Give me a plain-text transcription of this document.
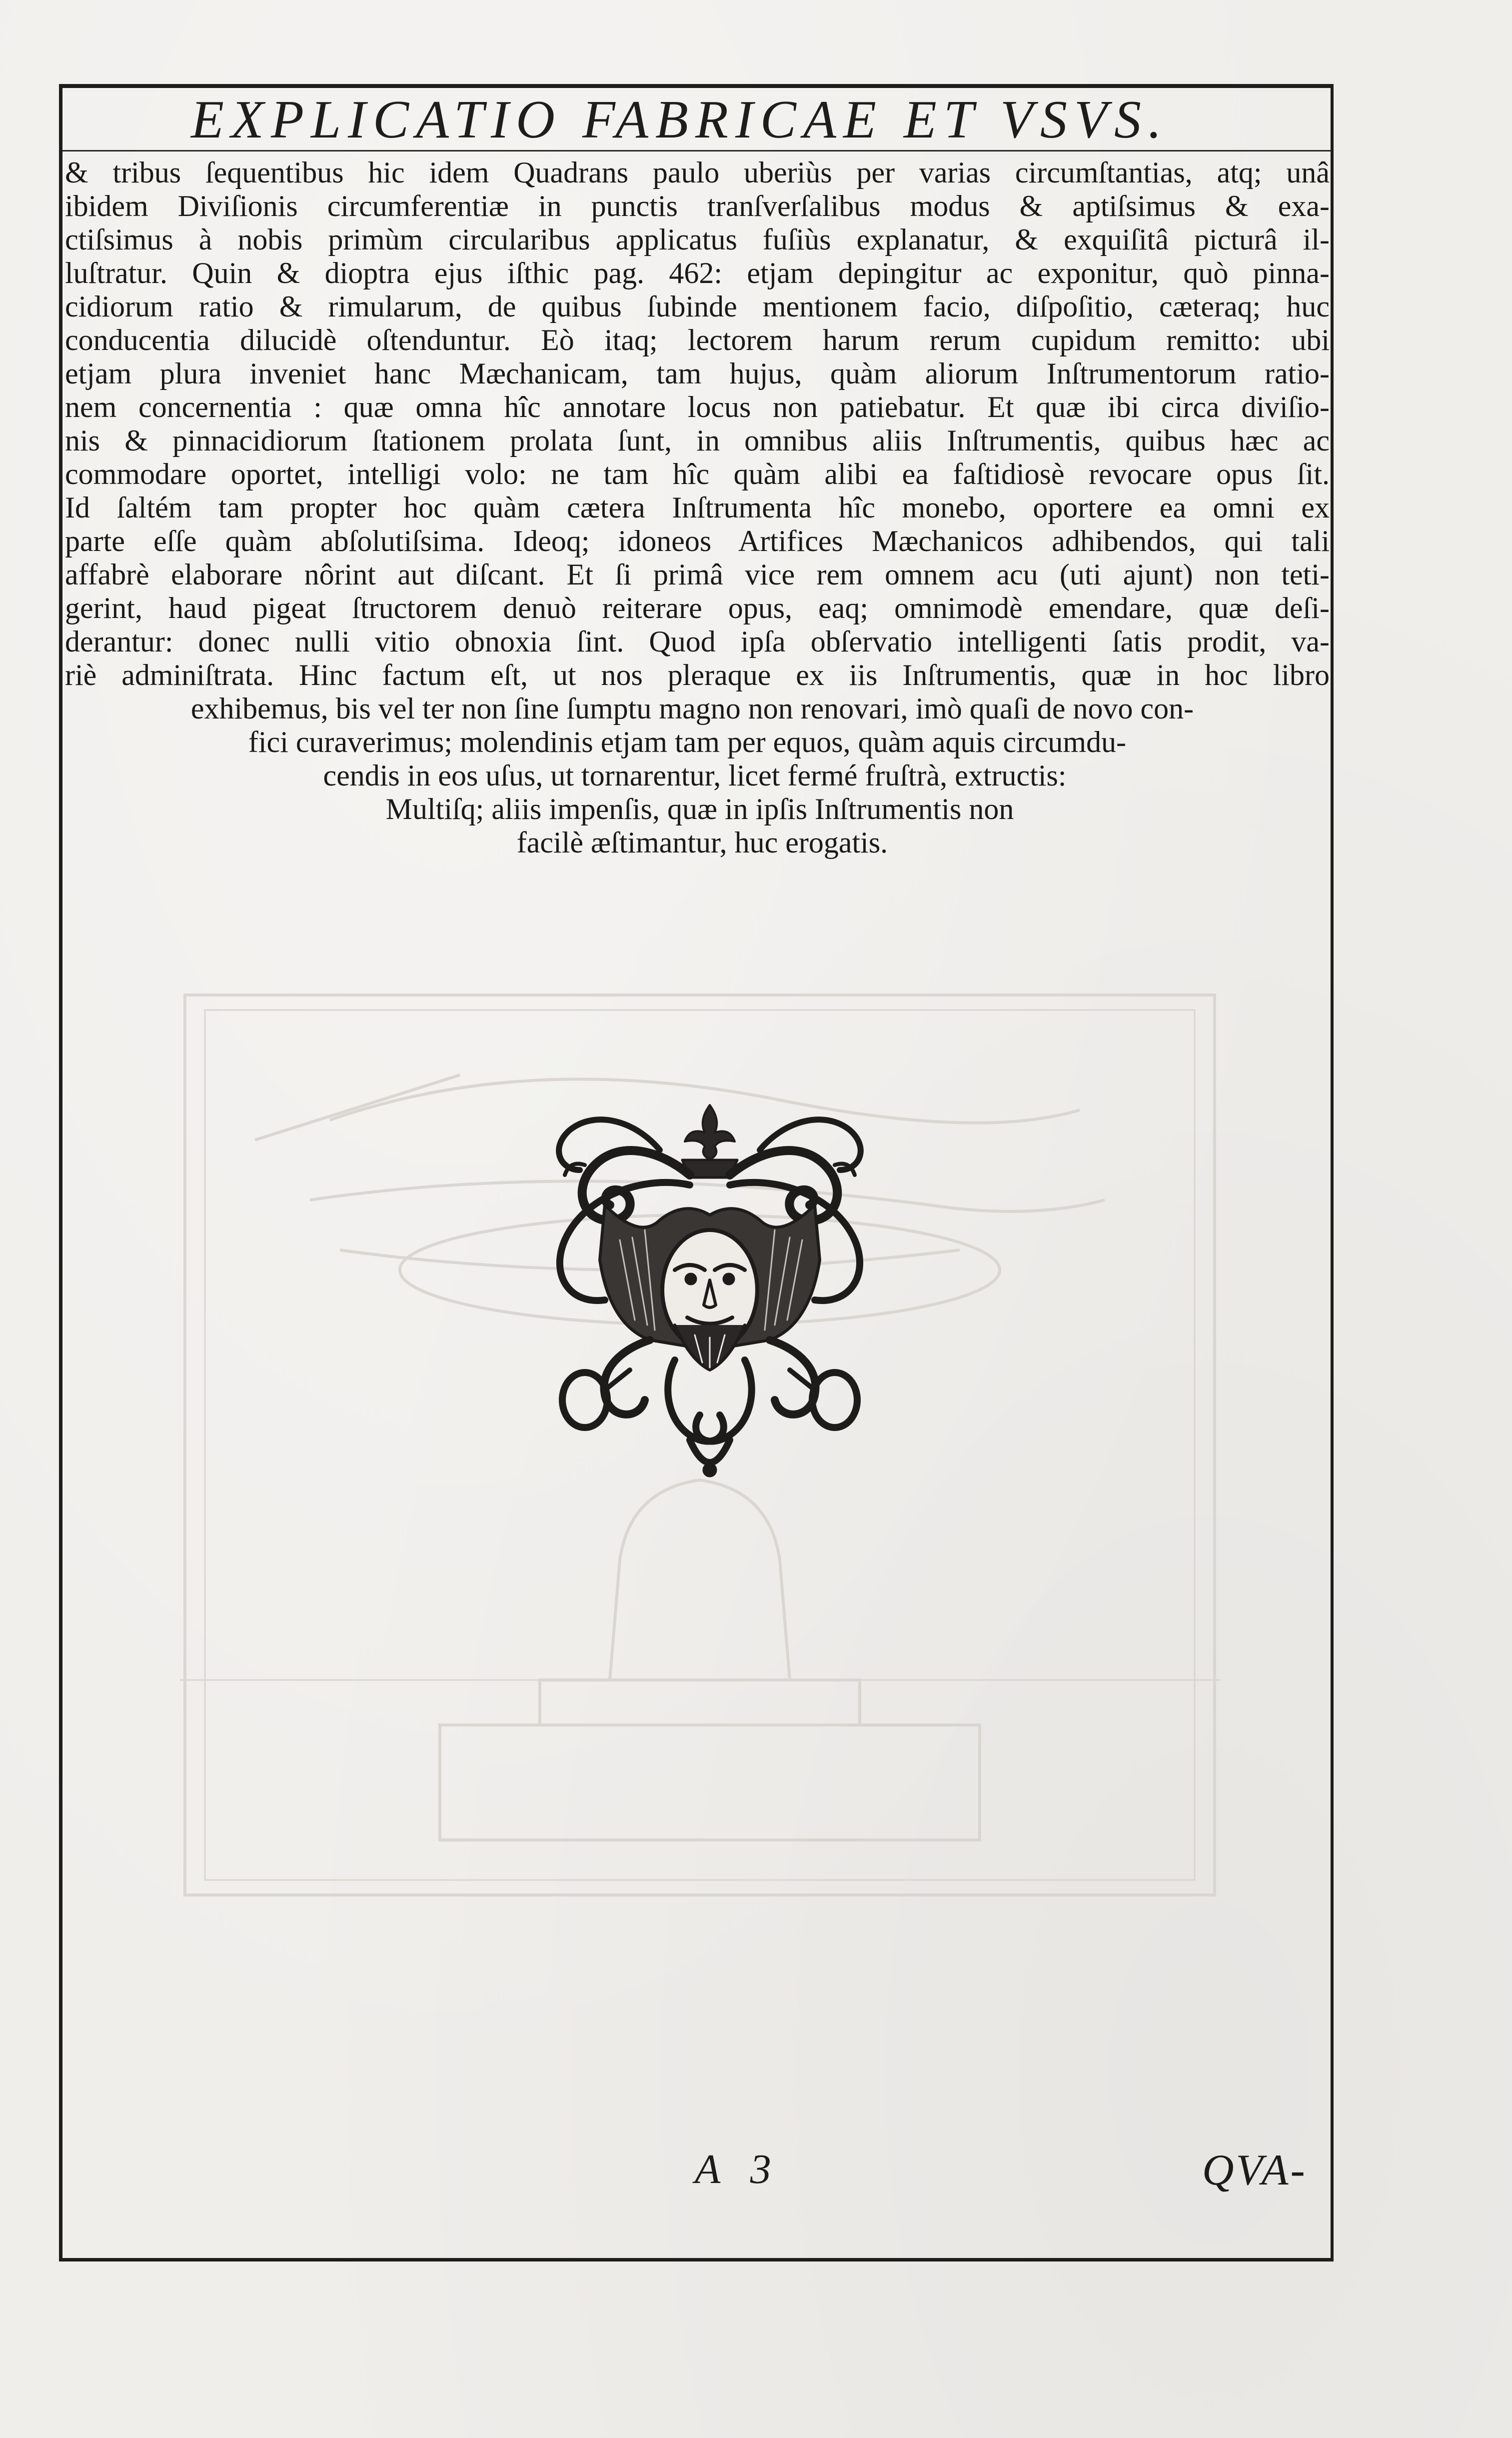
EXPLICATIO FABRICAE ET VSVS.
& tribus ſequentibus hic idem Quadrans paulo uberiùs per varias circumſtantias, atq; unâ
ibidem Diviſionis circumferentiæ in punctis tranſverſalibus modus & aptiſsimus & exa-
ctiſsimus à nobis primùm circularibus applicatus fuſiùs explanatur, & exquiſitâ picturâ il-
luſtratur. Quin & dioptra ejus iſthic pag. 462: etjam depingitur ac exponitur, quò pinna-
cidiorum ratio & rimularum, de quibus ſubinde mentionem facio, diſpoſitio, cæteraq; huc
conducentia dilucidè oſtenduntur. Eò itaq; lectorem harum rerum cupidum remitto: ubi
etjam plura inveniet hanc Mæchanicam, tam hujus, quàm aliorum Inſtrumentorum ratio-
nem concernentia : quæ omna hîc annotare locus non patiebatur. Et quæ ibi circa diviſio-
nis & pinnacidiorum ſtationem prolata ſunt, in omnibus aliis Inſtrumentis, quibus hæc ac
commodare oportet, intelligi volo: ne tam hîc quàm alibi ea faſtidiosè revocare opus ſit.
Id ſaltém tam propter hoc quàm cætera Inſtrumenta hîc monebo, oportere ea omni ex
parte eſſe quàm abſolutiſsima. Ideoq; idoneos Artifices Mæchanicos adhibendos, qui tali
affabrè elaborare nôrint aut diſcant. Et ſi primâ vice rem omnem acu (uti ajunt) non teti-
gerint, haud pigeat ſtructorem denuò reiterare opus, eaq; omnimodè emendare, quæ deſi-
derantur: donec nulli vitio obnoxia ſint. Quod ipſa obſervatio intelligenti ſatis prodit, va-
riè adminiſtrata. Hinc factum eſt, ut nos pleraque ex iis Inſtrumentis, quæ in hoc libro
exhibemus, bis vel ter non ſine ſumptu magno non renovari, imò quaſi de novo con-
fici curaverimus; molendinis etjam tam per equos, quàm aquis circumdu-
cendis in eos uſus, ut tornarentur, licet fermé fruſtrà, extructis:
Multiſq; aliis impenſis, quæ in ipſis Inſtrumentis non
facilè æſtimantur, huc erogatis.
A 3	QVA-
